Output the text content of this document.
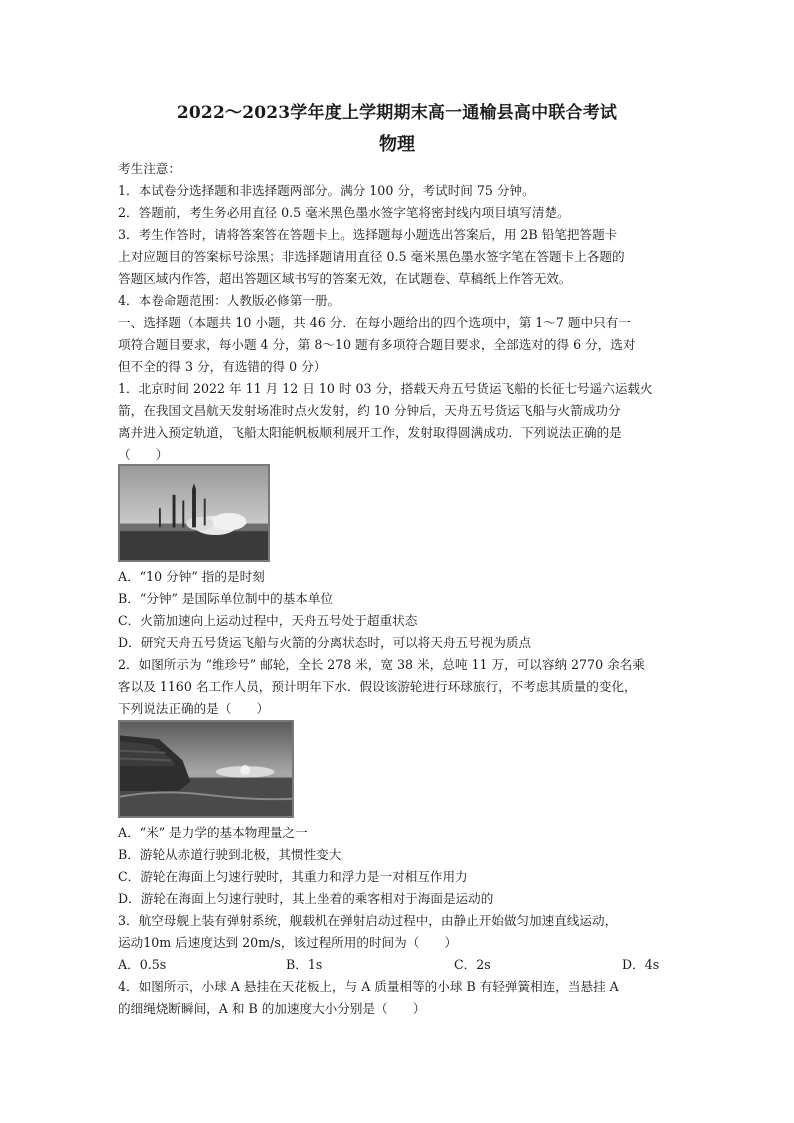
2022～2023学年度上学期期末高一通榆县高中联合考试
物理
考生注意：
1．本试卷分选择题和非选择题两部分。满分 100 分，考试时间 75 分钟。
2．答题前，考生务必用直径 0.5 毫米黑色墨水签字笔将密封线内项目填写清楚。
3．考生作答时，请将答案答在答题卡上。选择题每小题选出答案后，用 2B 铅笔把答题卡
上对应题目的答案标号涂黑；非选择题请用直径 0.5 毫米黑色墨水签字笔在答题卡上各题的
答题区域内作答，超出答题区域书写的答案无效，在试题卷、草稿纸上作答无效。
4．本卷命题范围：人教版必修第一册。
一、选择题（本题共 10 小题，共 46 分．在每小题给出的四个选项中，第 1～7 题中只有一
项符合题目要求，每小题 4 分，第 8～10 题有多项符合题目要求，全部选对的得 6 分，选对
但不全的得 3 分，有选错的得 0 分）
1．北京时间 2022 年 11 月 12 日 10 时 03 分，搭载天舟五号货运飞船的长征七号遥六运载火
箭，在我国文昌航天发射场准时点火发射，约 10 分钟后，天舟五号货运飞船与火箭成功分
离并进入预定轨道，飞船太阳能帆板顺利展开工作，发射取得圆满成功．下列说法正确的是
（　　）
A．“10 分钟” 指的是时刻
B．“分钟” 是国际单位制中的基本单位
C．火箭加速向上运动过程中，天舟五号处于超重状态
D．研究天舟五号货运飞船与火箭的分离状态时，可以将天舟五号视为质点
2．如图所示为 “维珍号” 邮轮，全长 278 米，宽 38 米，总吨 11 万，可以容纳 2770 余名乘
客以及 1160 名工作人员，预计明年下水．假设该游轮进行环球旅行，不考虑其质量的变化，
下列说法正确的是（　　）
A．“米” 是力学的基本物理量之一
B．游轮从赤道行驶到北极，其惯性变大
C．游轮在海面上匀速行驶时，其重力和浮力是一对相互作用力
D．游轮在海面上匀速行驶时，其上坐着的乘客相对于海面是运动的
3．航空母舰上装有弹射系统，舰载机在弹射启动过程中，由静止开始做匀加速直线运动，
运动10m 后速度达到 20m/s，该过程所用的时间为（　　）
A．0.5s	B．1s	C．2s	D．4s
4．如图所示，小球 A 悬挂在天花板上，与 A 质量相等的小球 B 有轻弹簧相连，当悬挂 A
的细绳烧断瞬间，A 和 B 的加速度大小分别是（　　）
